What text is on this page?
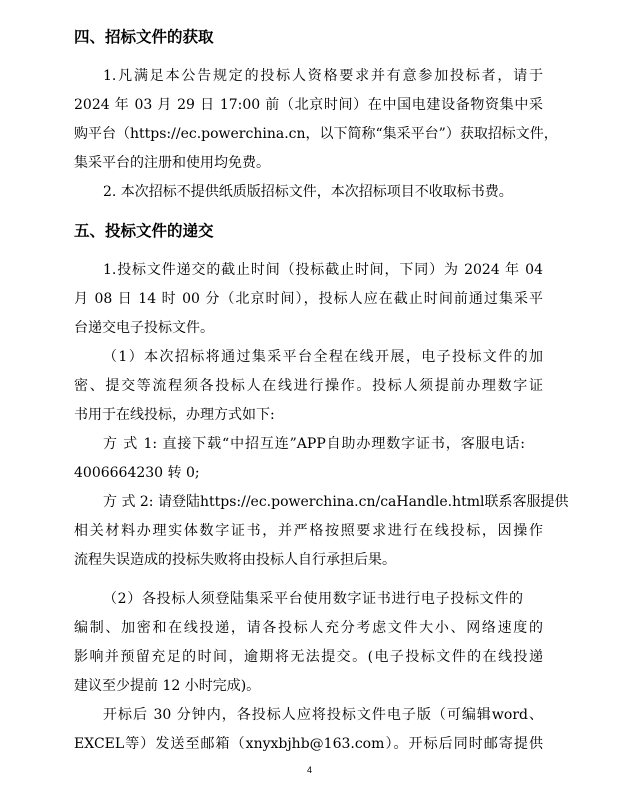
四、招标文件的获取
1.凡满足本公告规定的投标人资格要求并有意参加投标者，请于
2024 年 03 月 29 日 17:00 前（北京时间）在中国电建设备物资集中采
购平台（https://ec.powerchina.cn，以下简称“集采平台”）获取招标文件，
集采平台的注册和使用均免费。
2. 本次招标不提供纸质版招标文件，本次招标项目不收取标书费。
五、投标文件的递交
1.投标文件递交的截止时间（投标截止时间，下同）为 2024 年 04
月 08 日 14 时 00 分（北京时间），投标人应在截止时间前通过集采平
台递交电子投标文件。
（1）本次招标将通过集采平台全程在线开展，电子投标文件的加
密、提交等流程须各投标人在线进行操作。投标人须提前办理数字证
书用于在线投标，办理方式如下:
方 式 1: 直接下载“中招互连”APP自助办理数字证书，客服电话:
4006664230 转 0;
方 式 2: 请登陆https://ec.powerchina.cn/caHandle.html联系客服提供
相关材料办理实体数字证书，并严格按照要求进行在线投标，因操作
流程失误造成的投标失败将由投标人自行承担后果。
（2）各投标人须登陆集采平台使用数字证书进行电子投标文件的
编制、加密和在线投递，请各投标人充分考虑文件大小、网络速度的
影响并预留充足的时间，逾期将无法提交。(电子投标文件的在线投递
建议至少提前 12 小时完成)。
开标后 30 分钟内，各投标人应将投标文件电子版（可编辑word、
EXCEL等）发送至邮箱（xnyxbjhb@163.com）。开标后同时邮寄提供
4
